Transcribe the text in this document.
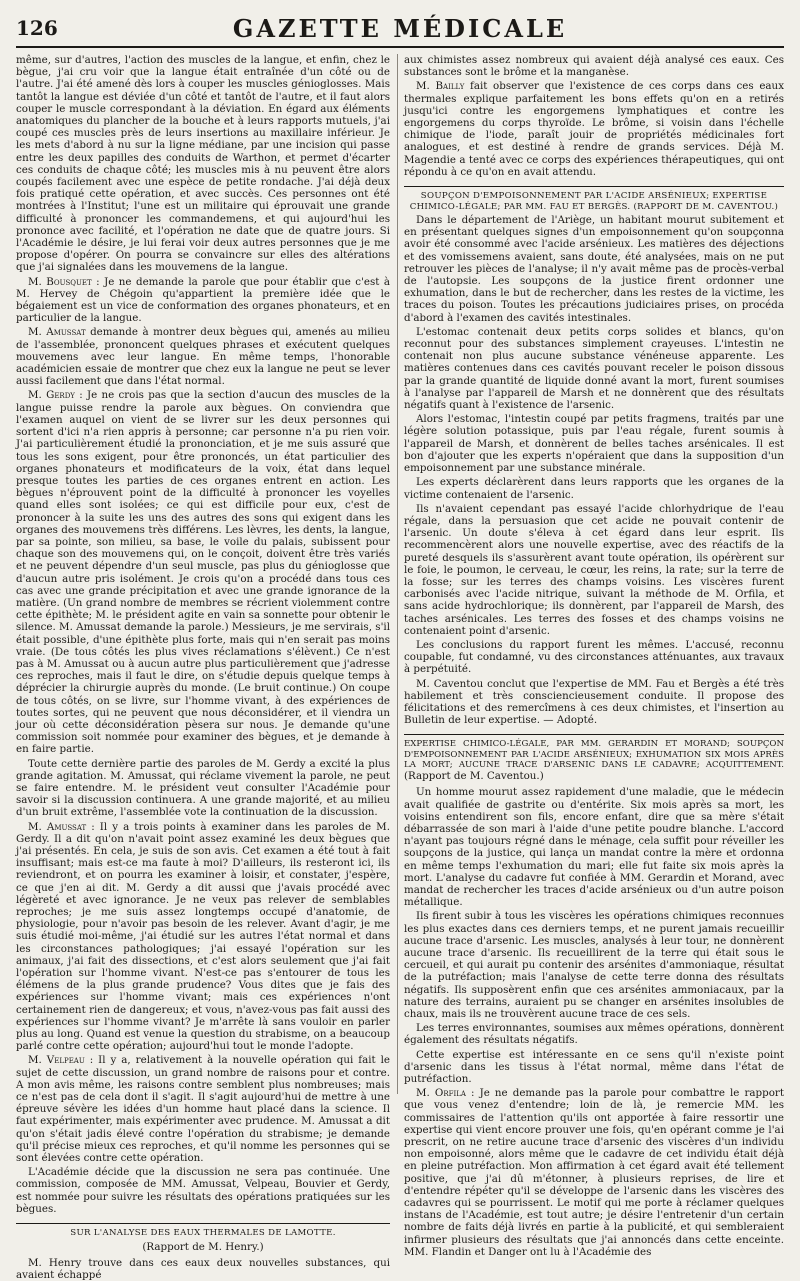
126	GAZETTE MÉDICALE

même, sur d'autres, l'action des muscles de la langue, et enfin, chez le bègue, j'ai cru voir que la langue était entraînée d'un côté ou de l'autre. J'ai été amené dès lors à couper les muscles génioglosses. Mais tantôt la langue est déviée d'un côté et tantôt de l'autre, et il faut alors couper le muscle correspondant à la déviation. En égard aux éléments anatomiques du plancher de la bouche et à leurs rapports mutuels, j'ai coupé ces muscles près de leurs insertions au maxillaire inférieur. Je les mets d'abord à nu sur la ligne médiane, par une incision qui passe entre les deux papilles des conduits de Warthon, et permet d'écarter ces conduits de chaque côté; les muscles mis à nu peuvent être alors coupés facilement avec une espèce de petite rondache. J'ai déjà deux fois pratiqué cette opération, et avec succès. Ces personnes ont été montrées à l'Institut; l'une est un militaire qui éprouvait une grande difficulté à prononcer les commandemens, et qui aujourd'hui les prononce avec facilité, et l'opération ne date que de quatre jours. Si l'Académie le désire, je lui ferai voir deux autres personnes que je me propose d'opérer. On pourra se convaincre sur elles des altérations que j'ai signalées dans les mouvemens de la langue.

M. Bousquet : Je ne demande la parole que pour établir que c'est à M. Hervey de Chégoin qu'appartient la première idée que le bégaiement est un vice de conformation des organes phonateurs, et en particulier de la langue.

M. Amussat demande à montrer deux bègues qui, amenés au milieu de l'assemblée, prononcent quelques phrases et exécutent quelques mouvemens avec leur langue. En même temps, l'honorable académicien essaie de montrer que chez eux la langue ne peut se lever aussi facilement que dans l'état normal.

M. Gerdy : Je ne crois pas que la section d'aucun des muscles de la langue puisse rendre la parole aux bègues. On conviendra que l'examen auquel on vient de se livrer sur les deux personnes qui sortent d'ici n'a rien appris à personne; car personne n'a pu rien voir. J'ai particulièrement étudié la prononciation, et je me suis assuré que tous les sons exigent, pour être prononcés, un état particulier des organes phonateurs et modificateurs de la voix, état dans lequel presque toutes les parties de ces organes entrent en action. Les bègues n'éprouvent point de la difficulté à prononcer les voyelles quand elles sont isolées; ce qui est difficile pour eux, c'est de prononcer à la suite les uns des autres des sons qui exigent dans les organes des mouvemens très différens. Les lèvres, les dents, la langue, par sa pointe, son milieu, sa base, le voile du palais, subissent pour chaque son des mouvemens qui, on le conçoit, doivent être très variés et ne peuvent dépendre d'un seul muscle, pas plus du génioglosse que d'aucun autre pris isolément. Je crois qu'on a procédé dans tous ces cas avec une grande précipitation et avec une grande ignorance de la matière. (Un grand nombre de membres se récrient violemment contre cette épithète; M. le président agite en vain sa sonnette pour obtenir le silence. M. Amussat demande la parole.) Messieurs, je me servirais, s'il était possible, d'une épithète plus forte, mais qui n'en serait pas moins vraie. (De tous côtés les plus vives réclamations s'élèvent.) Ce n'est pas à M. Amussat ou à aucun autre plus particulièrement que j'adresse ces reproches, mais il faut le dire, on s'étudie depuis quelque temps à déprécier la chirurgie auprès du monde. (Le bruit continue.) On coupe de tous côtés, on se livre, sur l'homme vivant, à des expériences de toutes sortes, qui ne peuvent que nous déconsidérer, et il viendra un jour où cette déconsidération pèsera sur nous. Je demande qu'une commission soit nommée pour examiner des bègues, et je demande à en faire partie.

Toute cette dernière partie des paroles de M. Gerdy a excité la plus grande agitation. M. Amussat, qui réclame vivement la parole, ne peut se faire entendre. M. le président veut consulter l'Académie pour savoir si la discussion continuera. A une grande majorité, et au milieu d'un bruit extrême, l'assemblée vote la continuation de la discussion.

M. Amussat : Il y a trois points à examiner dans les paroles de M. Gerdy. Il a dit qu'on n'avait point assez examiné les deux bègues que j'ai présentés. En cela, je suis de son avis. Cet examen a été tout à fait insuffisant; mais est-ce ma faute à moi? D'ailleurs, ils resteront ici, ils reviendront, et on pourra les examiner à loisir, et constater, j'espère, ce que j'en ai dit. M. Gerdy a dit aussi que j'avais procédé avec légèreté et avec ignorance. Je ne veux pas relever de semblables reproches; je me suis assez longtemps occupé d'anatomie, de physiologie, pour n'avoir pas besoin de les relever. Avant d'agir, je me suis étudié moi-même, j'ai étudié sur les autres l'état normal et dans les circonstances pathologiques; j'ai essayé l'opération sur les animaux, j'ai fait des dissections, et c'est alors seulement que j'ai fait l'opération sur l'homme vivant. N'est-ce pas s'entourer de tous les élémens de la plus grande prudence? Vous dites que je fais des expériences sur l'homme vivant; mais ces expériences n'ont certainement rien de dangereux; et vous, n'avez-vous pas fait aussi des expériences sur l'homme vivant? Je m'arrête là sans vouloir en parler plus au long. Quand est venue la question du strabisme, on a beaucoup parlé contre cette opération; aujourd'hui tout le monde l'adopte.

M. Velpeau : Il y a, relativement à la nouvelle opération qui fait le sujet de cette discussion, un grand nombre de raisons pour et contre. A mon avis même, les raisons contre semblent plus nombreuses; mais ce n'est pas de cela dont il s'agit. Il s'agit aujourd'hui de mettre à une épreuve sévère les idées d'un homme haut placé dans la science. Il faut expérimenter, mais expérimenter avec prudence. M. Amussat a dit qu'on s'était jadis élevé contre l'opération du strabisme; je demande qu'il précise mieux ces reproches, et qu'il nomme les personnes qui se sont élevées contre cette opération.

L'Académie décide que la discussion ne sera pas continuée. Une commission, composée de MM. Amussat, Velpeau, Bouvier et Gerdy, est nommée pour suivre les résultats des opérations pratiquées sur les bègues.

SUR L'ANALYSE DES EAUX THERMALES DE LAMOTTE.
(Rapport de M. Henry.)

M. Henry trouve dans ces eaux deux nouvelles substances, qui avaient échappé

aux chimistes assez nombreux qui avaient déjà analysé ces eaux. Ces substances sont le brôme et la manganèse.

M. Bailly fait observer que l'existence de ces corps dans ces eaux thermales explique parfaitement les bons effets qu'on en a retirés jusqu'ici contre les engorgemens lymphatiques et contre les engorgemens du corps thyroïde. Le brôme, si voisin dans l'échelle chimique de l'iode, paraît jouir de propriétés médicinales fort analogues, et est destiné à rendre de grands services. Déjà M. Magendie a tenté avec ce corps des expériences thérapeutiques, qui ont répondu à ce qu'on en avait attendu.

SOUPÇON D'EMPOISONNEMENT PAR L'ACIDE ARSÉNIEUX; EXPERTISE CHIMICO-LÉGALE; PAR MM. FAU ET BERGÈS. (RAPPORT DE M. CAVENTOU.)

Dans le département de l'Ariège, un habitant mourut subitement et en présentant quelques signes d'un empoisonnement qu'on soupçonna avoir été consommé avec l'acide arsénieux. Les matières des déjections et des vomissemens avaient, sans doute, été analysées, mais on ne put retrouver les pièces de l'analyse; il n'y avait même pas de procès-verbal de l'autopsie. Les soupçons de la justice firent ordonner une exhumation, dans le but de rechercher, dans les restes de la victime, les traces du poison. Toutes les précautions judiciaires prises, on procéda d'abord à l'examen des cavités intestinales.

L'estomac contenait deux petits corps solides et blancs, qu'on reconnut pour des substances simplement crayeuses. L'intestin ne contenait non plus aucune substance vénéneuse apparente. Les matières contenues dans ces cavités pouvant receler le poison dissous par la grande quantité de liquide donné avant la mort, furent soumises à l'analyse par l'appareil de Marsh et ne donnèrent que des résultats négatifs quant à l'existence de l'arsenic.

Alors l'estomac, l'intestin coupé par petits fragmens, traités par une légère solution potassique, puis par l'eau régale, furent soumis à l'appareil de Marsh, et donnèrent de belles taches arsénicales. Il est bon d'ajouter que les experts n'opéraient que dans la supposition d'un empoisonnement par une substance minérale.

Les experts déclarèrent dans leurs rapports que les organes de la victime contenaient de l'arsenic.

Ils n'avaient cependant pas essayé l'acide chlorhydrique de l'eau régale, dans la persuasion que cet acide ne pouvait contenir de l'arsenic. Un doute s'éleva à cet égard dans leur esprit. Ils recommencèrent alors une nouvelle expertise, avec des réactifs de la pureté desquels ils s'assurèrent avant toute opération, ils opérèrent sur le foie, le poumon, le cerveau, le cœur, les reins, la rate; sur la terre de la fosse; sur les terres des champs voisins. Les viscères furent carbonisés avec l'acide nitrique, suivant la méthode de M. Orfila, et sans acide hydrochlorique; ils donnèrent, par l'appareil de Marsh, des taches arsénicales. Les terres des fosses et des champs voisins ne contenaient point d'arsenic.

Les conclusions du rapport furent les mêmes. L'accusé, reconnu coupable, fut condamné, vu des circonstances atténuantes, aux travaux à perpétuité.

M. Caventou conclut que l'expertise de MM. Fau et Bergès a été très habilement et très consciencieusement conduite. Il propose des félicitations et des remercîmens à ces deux chimistes, et l'insertion au Bulletin de leur expertise. — Adopté.

EXPERTISE CHIMICO-LÉGALE, PAR MM. GERARDIN ET MORAND; SOUPÇON D'EMPOISONNEMENT PAR L'ACIDE ARSÉNIEUX; EXHUMATION SIX MOIS APRÈS LA MORT; AUCUNE TRACE D'ARSENIC DANS LE CADAVRE; ACQUITTEMENT. (Rapport de M. Caventou.)

Un homme mourut assez rapidement d'une maladie, que le médecin avait qualifiée de gastrite ou d'entérite. Six mois après sa mort, les voisins entendirent son fils, encore enfant, dire que sa mère s'était débarrassée de son mari à l'aide d'une petite poudre blanche. L'accord n'ayant pas toujours régné dans le ménage, cela suffit pour réveiller les soupçons de la justice, qui lança un mandat contre la mère et ordonna en même temps l'exhumation du mari; elle fut faite six mois après la mort. L'analyse du cadavre fut confiée à MM. Gerardin et Morand, avec mandat de rechercher les traces d'acide arsénieux ou d'un autre poison métallique.

Ils firent subir à tous les viscères les opérations chimiques reconnues les plus exactes dans ces derniers temps, et ne purent jamais recueillir aucune trace d'arsenic. Les muscles, analysés à leur tour, ne donnèrent aucune trace d'arsenic. Ils recueillirent de la terre qui était sous le cercueil, et qui aurait pu contenir des arsénites d'ammoniaque, résultat de la putréfaction; mais l'analyse de cette terre donna des résultats négatifs. Ils supposèrent enfin que ces arsénites ammoniacaux, par la nature des terrains, auraient pu se changer en arsénites insolubles de chaux, mais ils ne trouvèrent aucune trace de ces sels.

Les terres environnantes, soumises aux mêmes opérations, donnèrent également des résultats négatifs.

Cette expertise est intéressante en ce sens qu'il n'existe point d'arsenic dans les tissus à l'état normal, même dans l'état de putréfaction.

M. Orfila : Je ne demande pas la parole pour combattre le rapport que vous venez d'entendre; loin de là, je remercie MM. les commissaires de l'attention qu'ils ont apportée à faire ressortir une expertise qui vient encore prouver une fois, qu'en opérant comme je l'ai prescrit, on ne retire aucune trace d'arsenic des viscères d'un individu non empoisonné, alors même que le cadavre de cet individu était déjà en pleine putréfaction. Mon affirmation à cet égard avait été tellement positive, que j'ai dû m'étonner, à plusieurs reprises, de lire et d'entendre répéter qu'il se développe de l'arsenic dans les viscères des cadavres qui se pourrissent. Le motif qui me porte à réclamer quelques instans de l'Académie, est tout autre; je désire l'entretenir d'un certain nombre de faits déjà livrés en partie à la publicité, et qui sembleraient infirmer plusieurs des résultats que j'ai annoncés dans cette enceinte. MM. Flandin et Danger ont lu à l'Académie des
